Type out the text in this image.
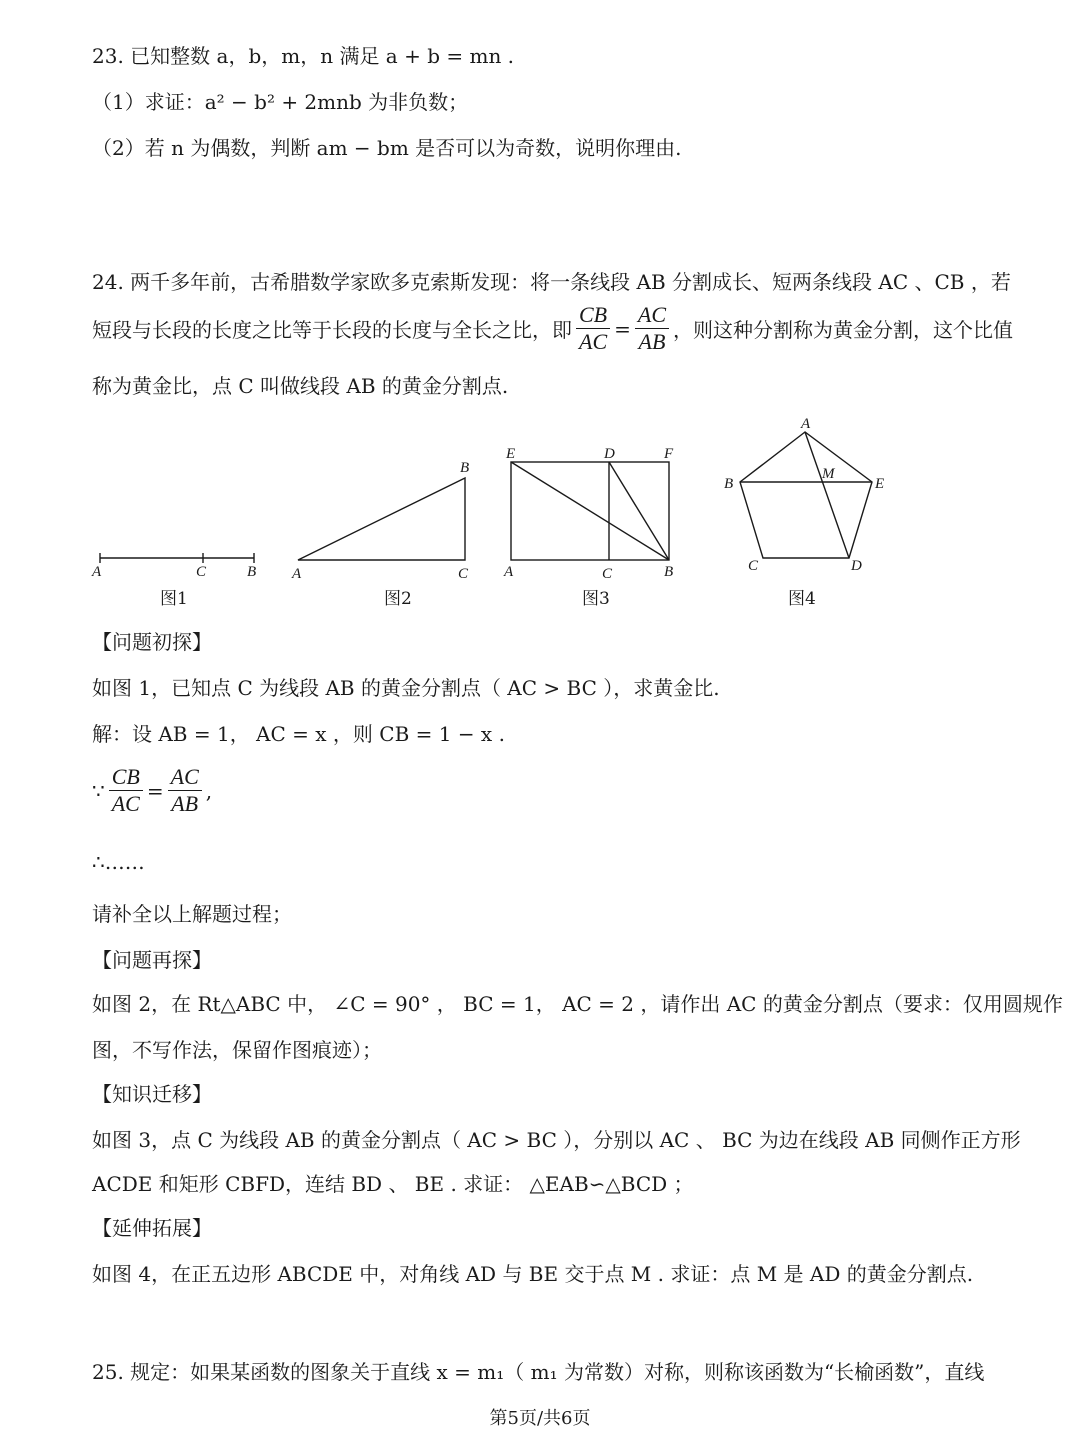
23. 已知整数 a，b，m，n 满足 a + b = mn .
（1）求证：a² − b² + 2mnb 为非负数；
（2）若 n 为偶数，判断 am − bm 是否可以为奇数，说明你理由.
24. 两千多年前，古希腊数学家欧多克索斯发现：将一条线段 AB 分割成长、短两条线段 AC 、CB ，若
短段与长段的长度之比等于长段的长度与全长之比，即 $\frac{CB}{AC} = \frac{AC}{AB}$ ，则这种分割称为黄金分割，这个比值
称为黄金比，点 C 叫做线段 AB 的黄金分割点.
A	C	B A	C
B
E	D	F
A	C	B
A
B
M
E
C	D
图1	图2	图3	图4
【问题初探】
如图 1，已知点 C 为线段 AB 的黄金分割点（ AC > BC ），求黄金比.
解：设 AB = 1， AC = x ，则 CB = 1 − x .
∵ $\frac{CB}{AC} = \frac{AC}{AB}$ ,
∴……
请补全以上解题过程；
【问题再探】
如图 2，在 Rt△ABC 中， ∠C = 90° ， BC = 1， AC = 2 ，请作出 AC 的黄金分割点（要求：仅用圆规作
图，不写作法，保留作图痕迹）；
【知识迁移】
如图 3，点 C 为线段 AB 的黄金分割点（ AC > BC ），分别以 AC 、 BC 为边在线段 AB 同侧作正方形
ACDE 和矩形 CBFD，连结 BD 、 BE . 求证： △EAB∽△BCD ；
【延伸拓展】
如图 4，在正五边形 ABCDE 中，对角线 AD 与 BE 交于点 M . 求证：点 M 是 AD 的黄金分割点.
25. 规定：如果某函数的图象关于直线 x = m₁（ m₁ 为常数）对称，则称该函数为“长榆函数”，直线
第5页/共6页
